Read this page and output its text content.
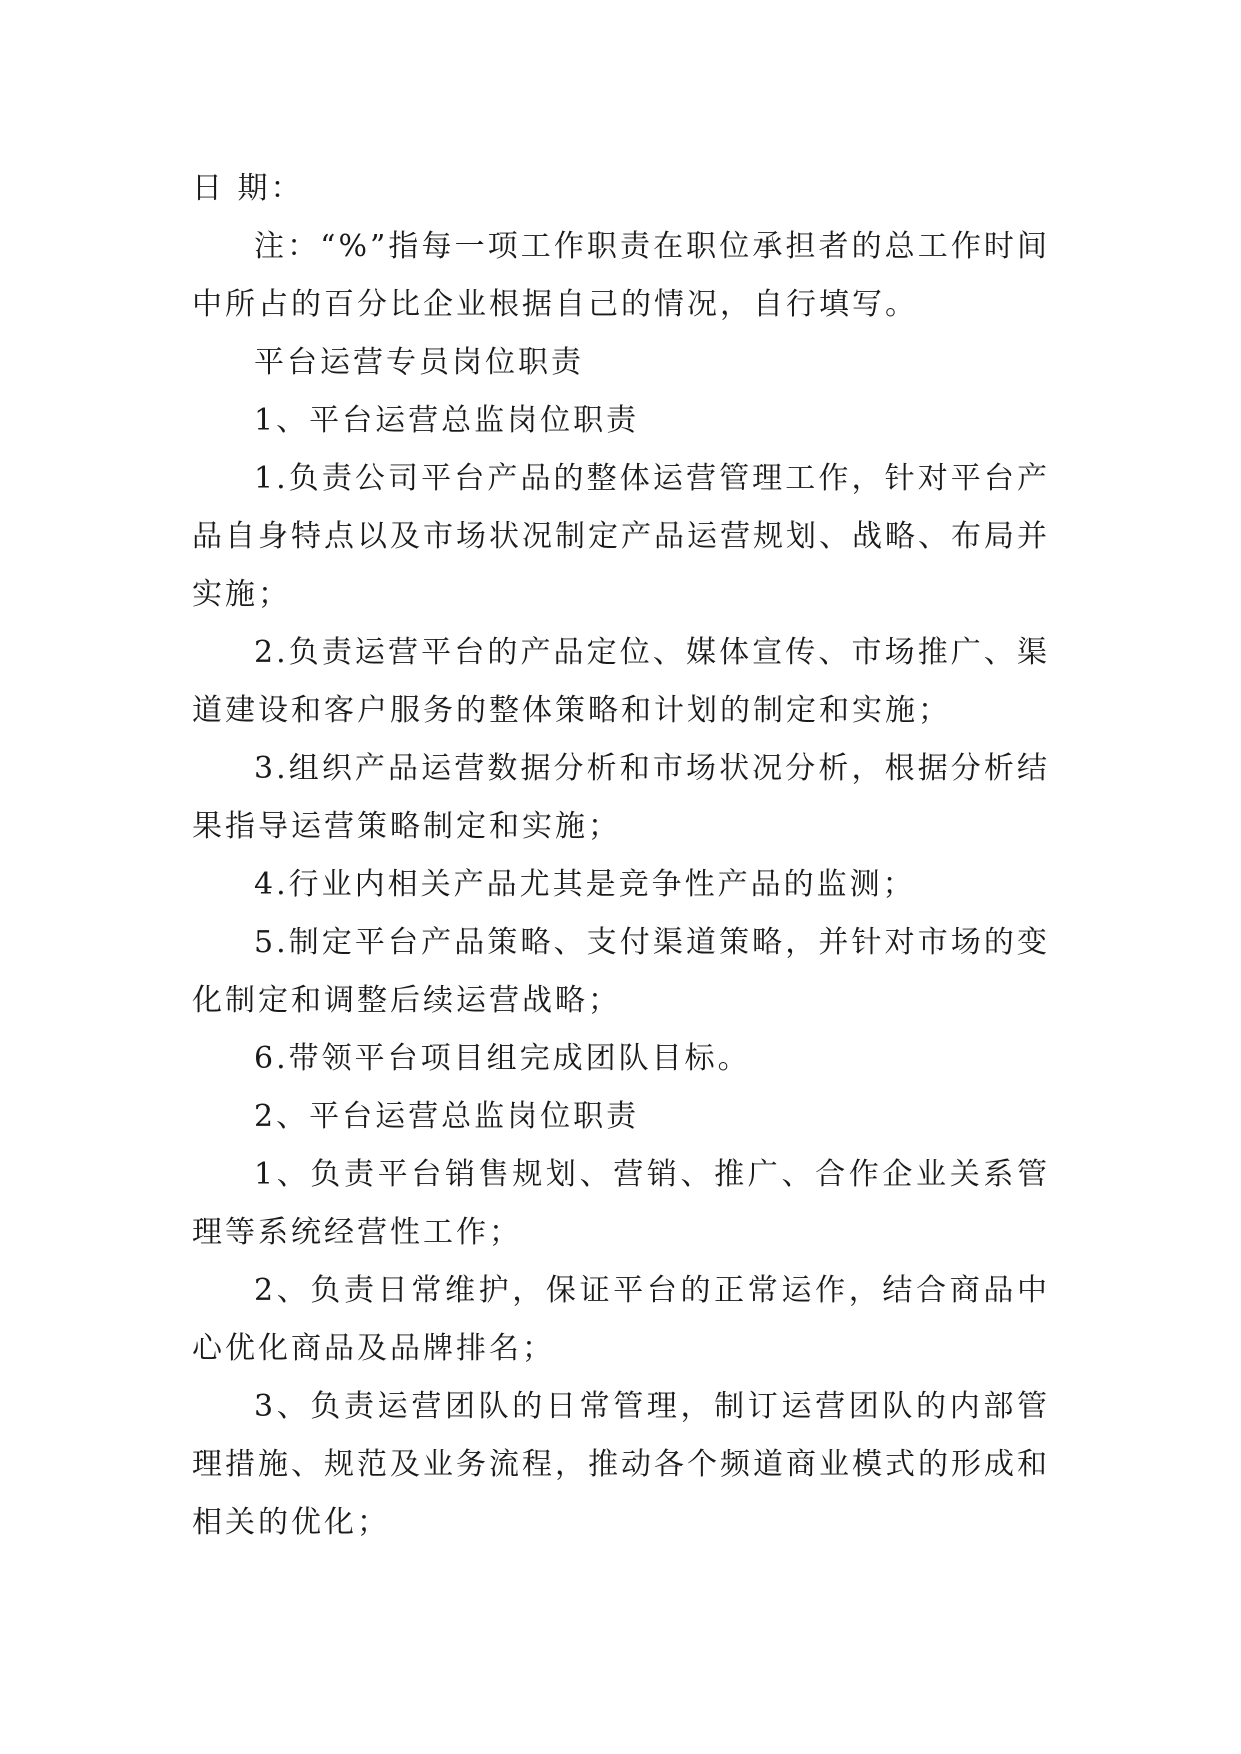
日 期：

注：“%”指每一项工作职责在职位承担者的总工作时间中所占的百分比企业根据自己的情况，自行填写。

平台运营专员岗位职责

1、平台运营总监岗位职责

1.负责公司平台产品的整体运营管理工作，针对平台产品自身特点以及市场状况制定产品运营规划、战略、布局并实施；

2.负责运营平台的产品定位、媒体宣传、市场推广、渠道建设和客户服务的整体策略和计划的制定和实施；

3.组织产品运营数据分析和市场状况分析，根据分析结果指导运营策略制定和实施；

4.行业内相关产品尤其是竞争性产品的监测；

5.制定平台产品策略、支付渠道策略，并针对市场的变化制定和调整后续运营战略；

6.带领平台项目组完成团队目标。

2、平台运营总监岗位职责

1、负责平台销售规划、营销、推广、合作企业关系管理等系统经营性工作；

2、负责日常维护，保证平台的正常运作，结合商品中心优化商品及品牌排名；

3、负责运营团队的日常管理，制订运营团队的内部管理措施、规范及业务流程，推动各个频道商业模式的形成和相关的优化；
